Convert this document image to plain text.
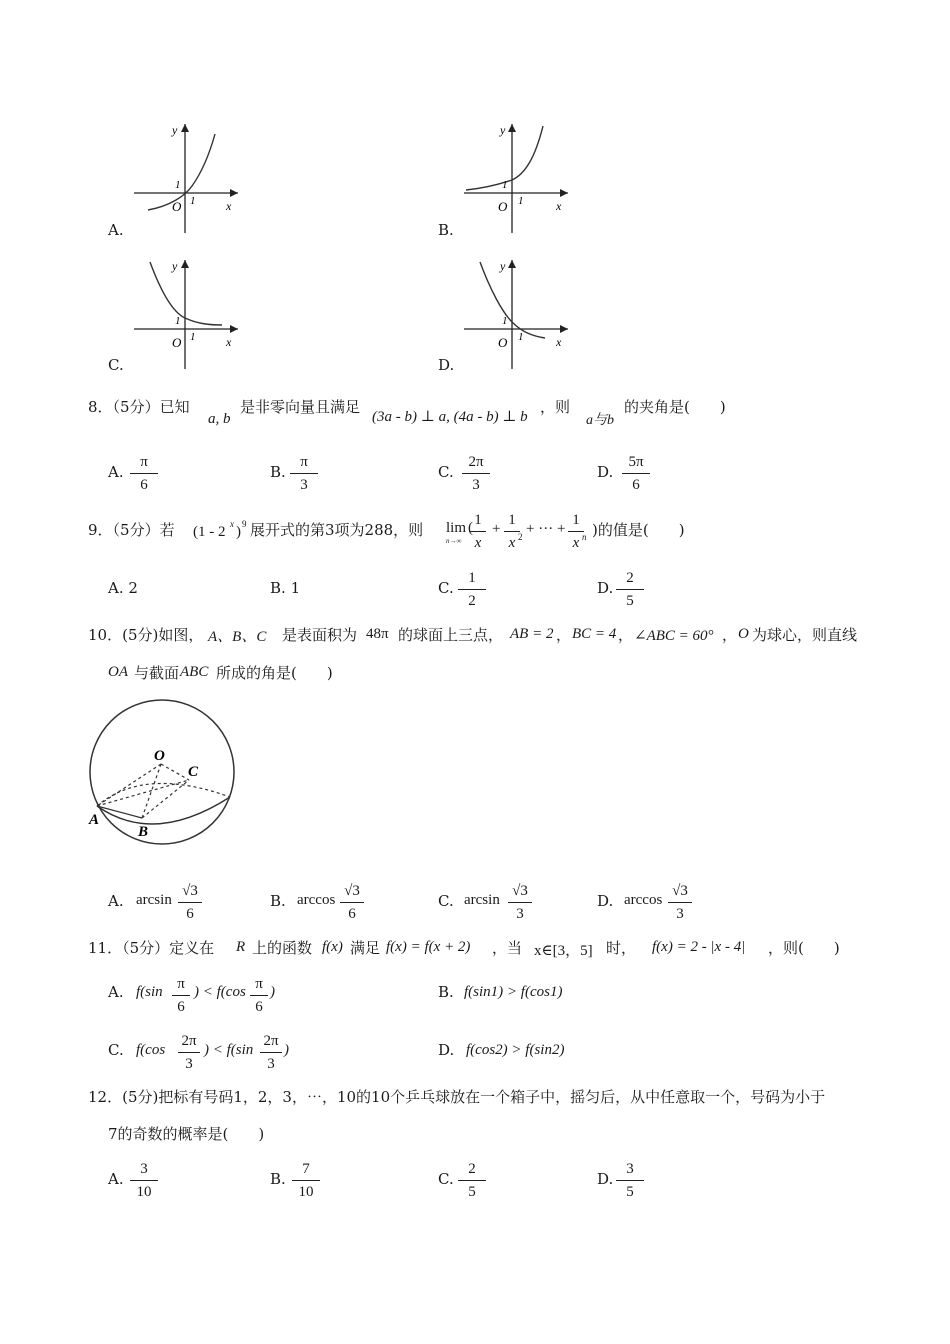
y
x
O 1
1
A.
y
x
O 1
1
B.
y
x
O 1
1
C.
y
x
O 1
1
D.
8．（5分）已知
a, b
是非零向量且满足
(3a - b) ⊥ a, (4a - b) ⊥ b
，则
a与b
的夹角是(　　)
A.
π
6
B.
π
3
C.
2π
3
D.
5π
6
9．（5分）若 (1 - 2 x ) 9 展开式的第3项为288，则 lim
n→∞
( 1
x
+
1
x 2 + ··· +
1
x n )的值是(　　)
A. 2	B. 1	C.
1
2
D.
2
5
10．(5分)如图， A、B、C 是表面积为 48π 的球面上三点， AB = 2 ， BC = 4 ， ∠ABC = 60° ， O 为球心，则直线
OA 与截面 ABC 所成的角是(　　)
O
C
A
B
A. arcsin
√3
6
B. arccos
√3
6
C. arcsin
√3
3
D. arccos
√3
3
11．（5分）定义在 R 上的函数 f(x) 满足 f(x) = f(x + 2) ，当 x∈[3，5] 时， f(x) = 2 - |x - 4| ，则(　　)
A. f(sin π
6
) < f(cos π
6
)	B. f(sin1) > f(cos1)
C. f(cos
2π
3
) < f(sin
2π
3
)	D. f(cos2) > f(sin2)
12．(5分)把标有号码1，2，3，⋯，10的10个乒乓球放在一个箱子中，摇匀后，从中任意取一个，号码为小于
7的奇数的概率是(　　)
A.
3
10
B.
7
10
C.
2
5
D.
3
5
